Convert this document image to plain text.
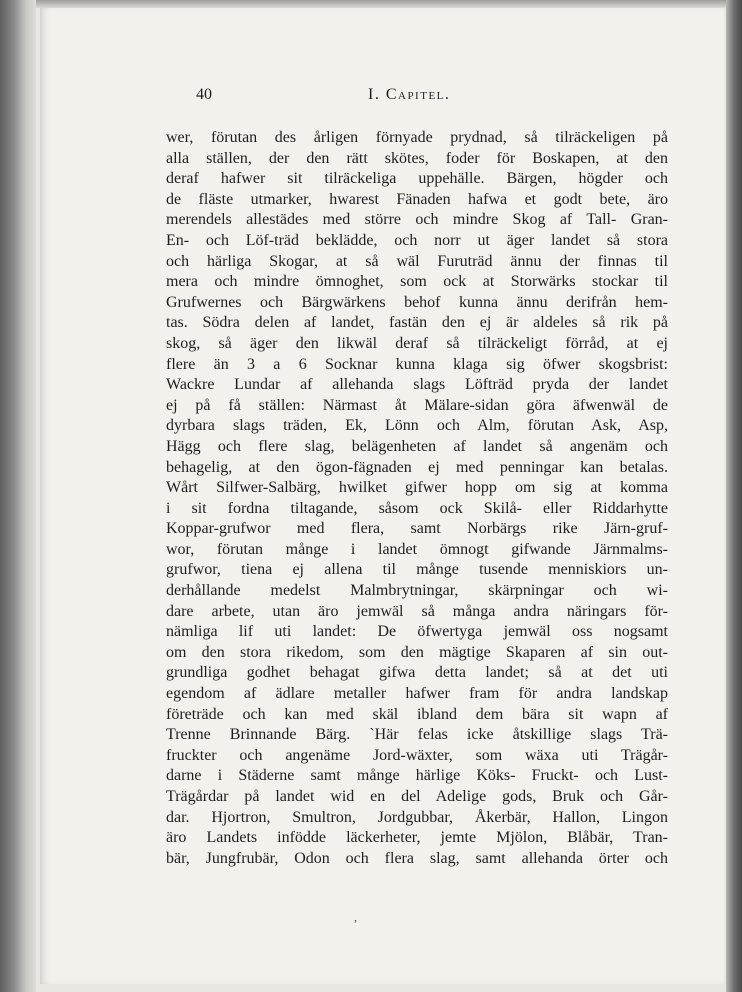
40	I. Capitel.
wer, förutan des årligen förnyade prydnad, så tilräckeligen på
alla ställen, der den rätt skötes, foder för Boskapen, at den
deraf hafwer sit tilräckeliga uppehälle. Bärgen, högder och
de fläste utmarker, hwarest Fänaden hafwa et godt bete, äro
merendels allestädes med större och mindre Skog af Tall- Gran-
En- och Löf-träd beklädde, och norr ut äger landet så stora
och härliga Skogar, at så wäl Furuträd ännu der finnas til
mera och mindre ömnoghet, som ock at Storwärks stockar til
Grufwernes och Bärgwärkens behof kunna ännu derifrån hem-
tas. Södra delen af landet, fastän den ej är aldeles så rik på
skog, så äger den likwäl deraf så tilräckeligt förråd, at ej
flere än 3 a 6 Socknar kunna klaga sig öfwer skogsbrist:
Wackre Lundar af allehanda slags Löfträd pryda der landet
ej på få ställen: Närmast åt Mälare-sidan göra äfwenwäl de
dyrbara slags träden, Ek, Lönn och Alm, förutan Ask, Asp,
Hägg och flere slag, belägenheten af landet så angenäm och
behagelig, at den ögon-fägnaden ej med penningar kan betalas.
Wårt Silfwer-Salbärg, hwilket gifwer hopp om sig at komma
i sit fordna tiltagande, såsom ock Skilå- eller Riddarhytte
Koppar-grufwor med flera, samt Norbärgs rike Järn-gruf-
wor, förutan månge i landet ömnogt gifwande Järnmalms-
grufwor, tiena ej allena til månge tusende menniskiors un-
derhållande medelst Malmbrytningar, skärpningar och wi-
dare arbete, utan äro jemwäl så många andra näringars för-
nämliga lif uti landet: De öfwertyga jemwäl oss nogsamt
om den stora rikedom, som den mägtige Skaparen af sin out-
grundliga godhet behagat gifwa detta landet; så at det uti
egendom af ädlare metaller hafwer fram för andra landskap
företräde och kan med skäl ibland dem bära sit wapn af
Trenne Brinnande Bärg. `Här felas icke åtskillige slags Trä-
fruckter och angenäme Jord-wäxter, som wäxa uti Trägår-
darne i Städerne samt månge härlige Köks- Fruckt- och Lust-
Trägårdar på landet wid en del Adelige gods, Bruk och Går-
dar. Hjortron, Smultron, Jordgubbar, Åkerbär, Hallon, Lingon
äro Landets infödde läckerheter, jemte Mjölon, Blåbär, Tran-
bär, Jungfrubär, Odon och flera slag, samt allehanda örter och
,
